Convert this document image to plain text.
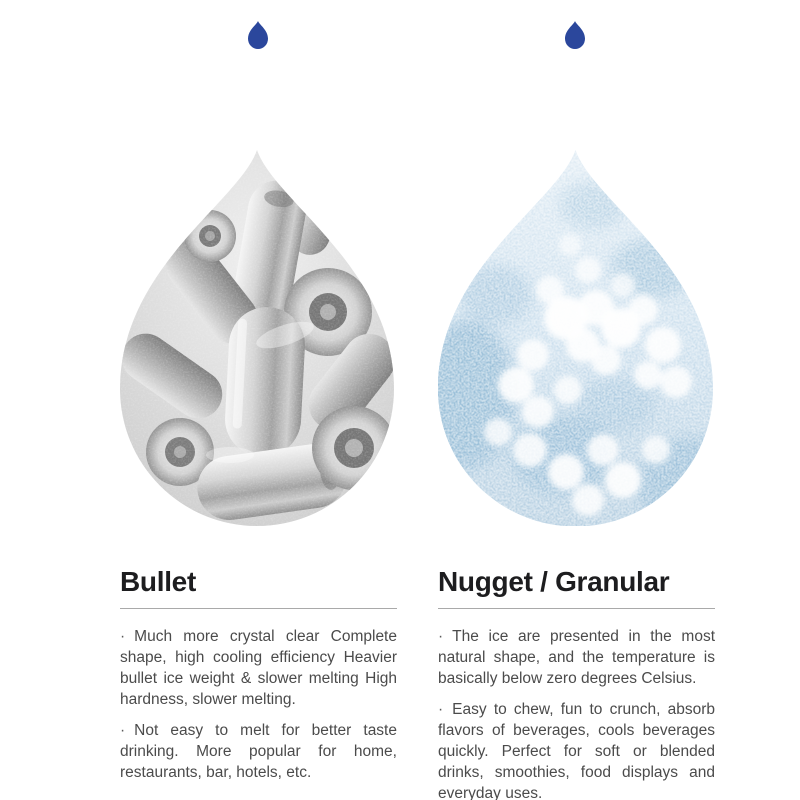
Bullet

· Much more crystal clear Complete shape, high cooling efficiency Heavier bullet ice weight & slower melting High hardness, slower melting.

· Not easy to melt for better taste drinking. More popular for home, restaurants, bar, hotels, etc.

Nugget / Granular

· The ice are presented in the most natural shape, and the temperature is basically below zero degrees Celsius.

· Easy to chew, fun to crunch, absorb flavors of beverages, cools beverages quickly. Perfect for soft or blended drinks, smoothies, food displays and everyday uses.
